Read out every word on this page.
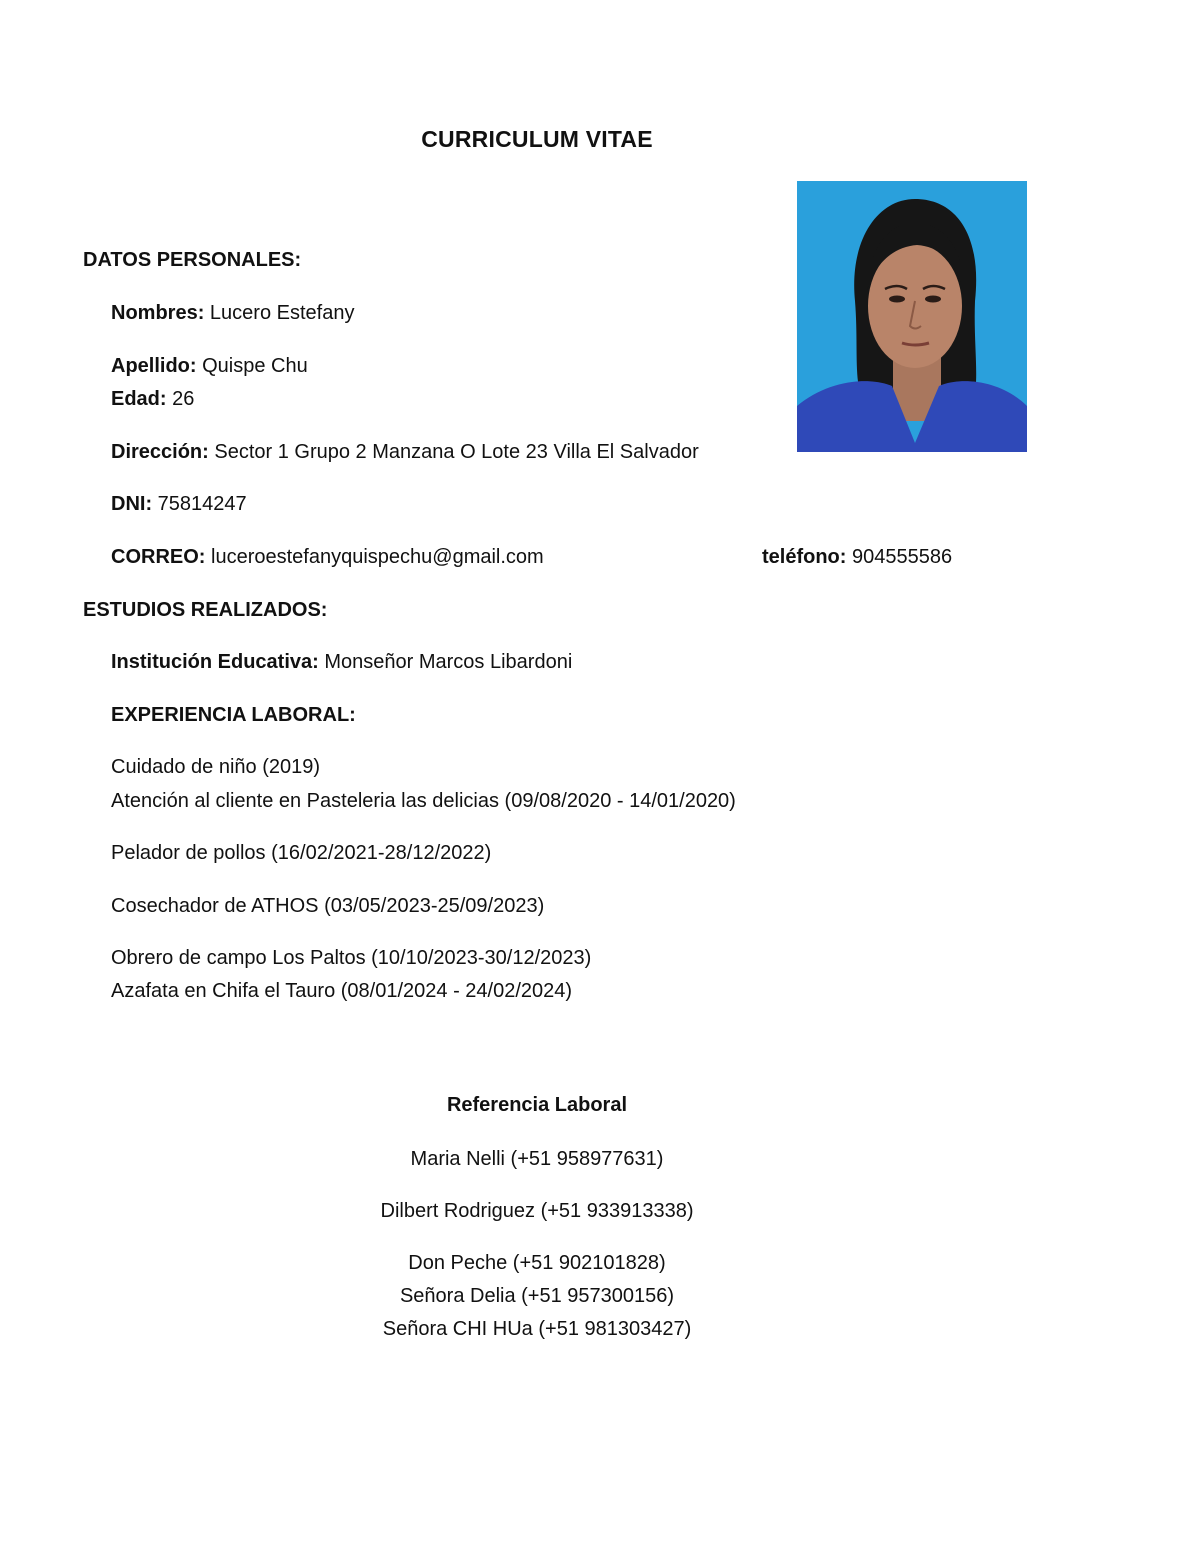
CURRICULUM VITAE
DATOS PERSONALES:
Nombres: Lucero Estefany
Apellido: Quispe Chu
Edad: 26
Dirección: Sector 1 Grupo 2 Manzana O Lote 23 Villa El Salvador
DNI: 75814247
CORREO: luceroestefanyquispechu@gmail.com	teléfono: 904555586
ESTUDIOS REALIZADOS:
Institución Educativa: Monseñor Marcos Libardoni
EXPERIENCIA LABORAL:
Cuidado de niño (2019)
Atención al cliente en Pasteleria las delicias (09/08/2020 - 14/01/2020)
Pelador de pollos (16/02/2021-28/12/2022)
Cosechador de ATHOS (03/05/2023-25/09/2023)
Obrero de campo Los Paltos (10/10/2023-30/12/2023)
Azafata en Chifa el Tauro (08/01/2024 - 24/02/2024)
Referencia Laboral
Maria Nelli (+51 958977631)
Dilbert Rodriguez (+51 933913338)
Don Peche (+51 902101828)
Señora Delia (+51 957300156)
Señora CHI HUa (+51 981303427)
